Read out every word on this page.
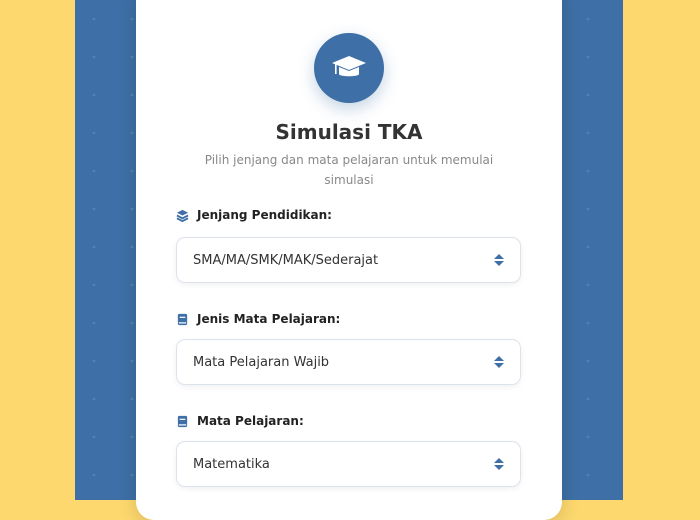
Simulasi TKA
Pilih jenjang dan mata pelajaran untuk memulai simulasi
Jenjang Pendidikan:
SMA/MA/SMK/MAK/Sederajat
Jenis Mata Pelajaran:
Mata Pelajaran Wajib
Mata Pelajaran:
Matematika
